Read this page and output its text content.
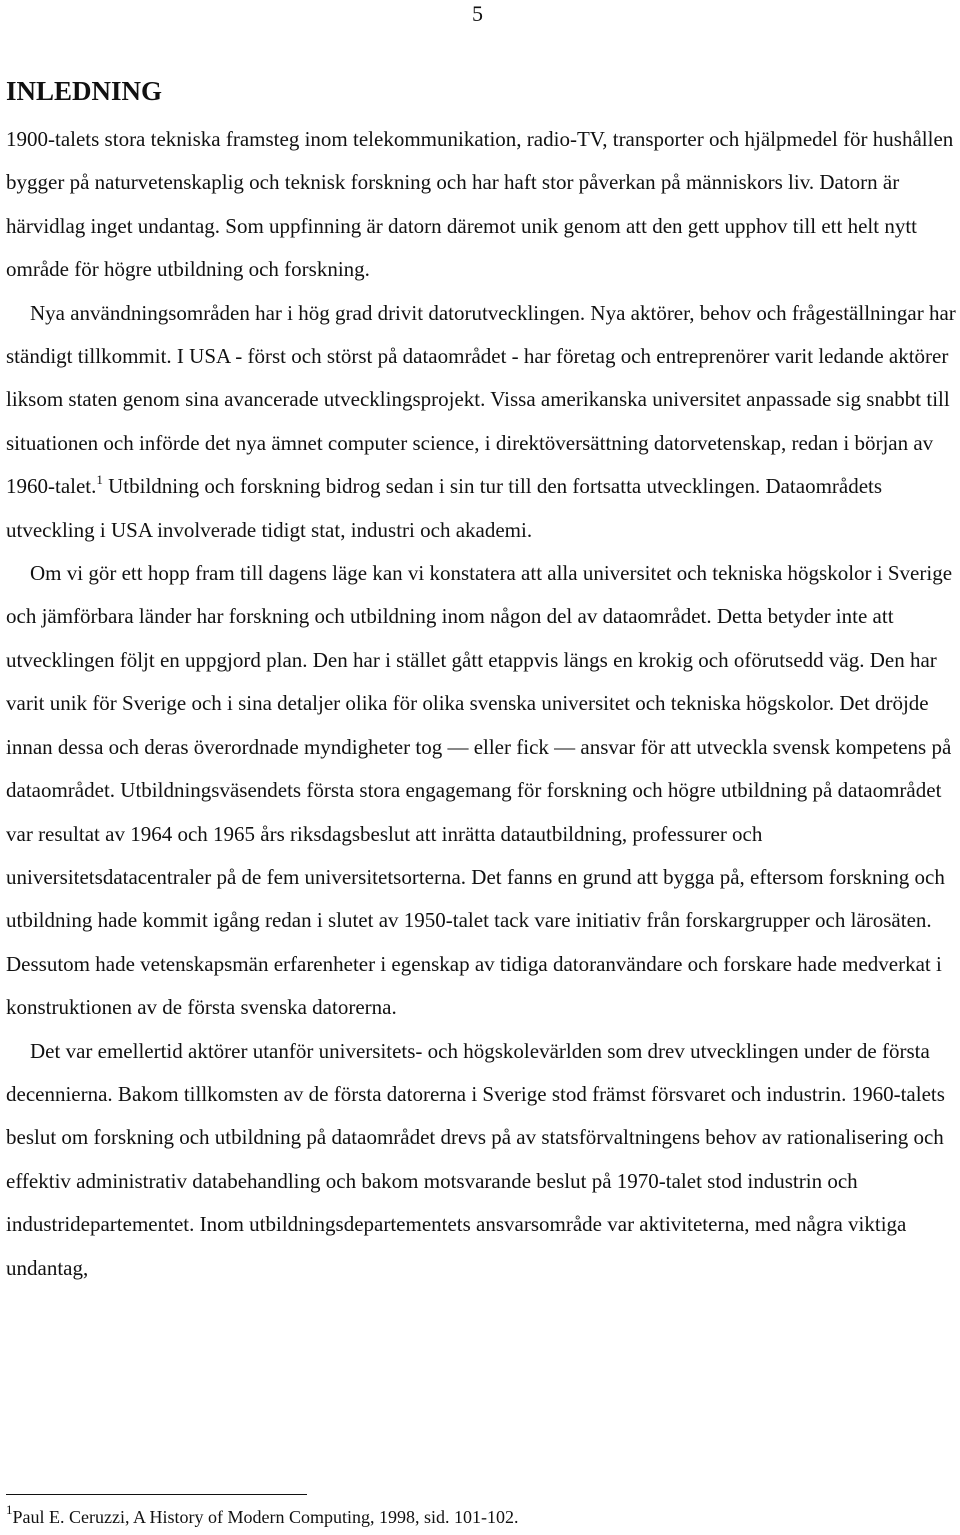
5
INLEDNING

1900-talets stora tekniska framsteg inom telekommunikation, radio-TV, transporter och hjälpmedel för hushållen bygger på naturvetenskaplig och teknisk forskning och har haft stor påverkan på människors liv. Datorn är härvidlag inget undantag. Som uppfinning är datorn däremot unik genom att den gett upphov till ett helt nytt område för högre utbildning och forskning.

Nya användningsområden har i hög grad drivit datorutvecklingen. Nya aktörer, behov och frågeställningar har ständigt tillkommit. I USA - först och störst på dataområdet - har företag och entreprenörer varit ledande aktörer liksom staten genom sina avancerade utvecklingsprojekt. Vissa amerikanska universitet anpassade sig snabbt till situationen och införde det nya ämnet computer science, i direktöversättning datorvetenskap, redan i början av 1960-talet.$^1$ Utbildning och forskning bidrog sedan i sin tur till den fortsatta utvecklingen. Dataområdets utveckling i USA involverade tidigt stat, industri och akademi.

Om vi gör ett hopp fram till dagens läge kan vi konstatera att alla universitet och tekniska högskolor i Sverige och jämförbara länder har forskning och utbildning inom någon del av dataområdet. Detta betyder inte att utvecklingen följt en uppgjord plan. Den har i stället gått etappvis längs en krokig och oförutsedd väg. Den har varit unik för Sverige och i sina detaljer olika för olika svenska universitet och tekniska högskolor. Det dröjde innan dessa och deras överordnade myndigheter tog — eller fick — ansvar för att utveckla svensk kompetens på dataområdet. Utbildningsväsendets första stora engagemang för forskning och högre utbildning på dataområdet var resultat av 1964 och 1965 års riksdagsbeslut att inrätta datautbildning, professurer och universitetsdatacentraler på de fem universitetsorterna. Det fanns en grund att bygga på, eftersom forskning och utbildning hade kommit igång redan i slutet av 1950-talet tack vare initiativ från forskargrupper och lärosäten. Dessutom hade vetenskapsmän erfarenheter i egenskap av tidiga datoranvändare och forskare hade medverkat i konstruktionen av de första svenska datorerna.

Det var emellertid aktörer utanför universitets- och högskolevärlden som drev utvecklingen under de första decennierna. Bakom tillkomsten av de första datorerna i Sverige stod främst försvaret och industrin. 1960-talets beslut om forskning och utbildning på dataområdet drevs på av statsförvaltningens behov av rationalisering och effektiv administrativ databehandling och bakom motsvarande beslut på 1970-talet stod industrin och industridepartementet. Inom utbildningsdepartementets ansvarsområde var aktiviteterna, med några viktiga undantag,

$^1$Paul E. Ceruzzi, A History of Modern Computing, 1998, sid. 101-102.
